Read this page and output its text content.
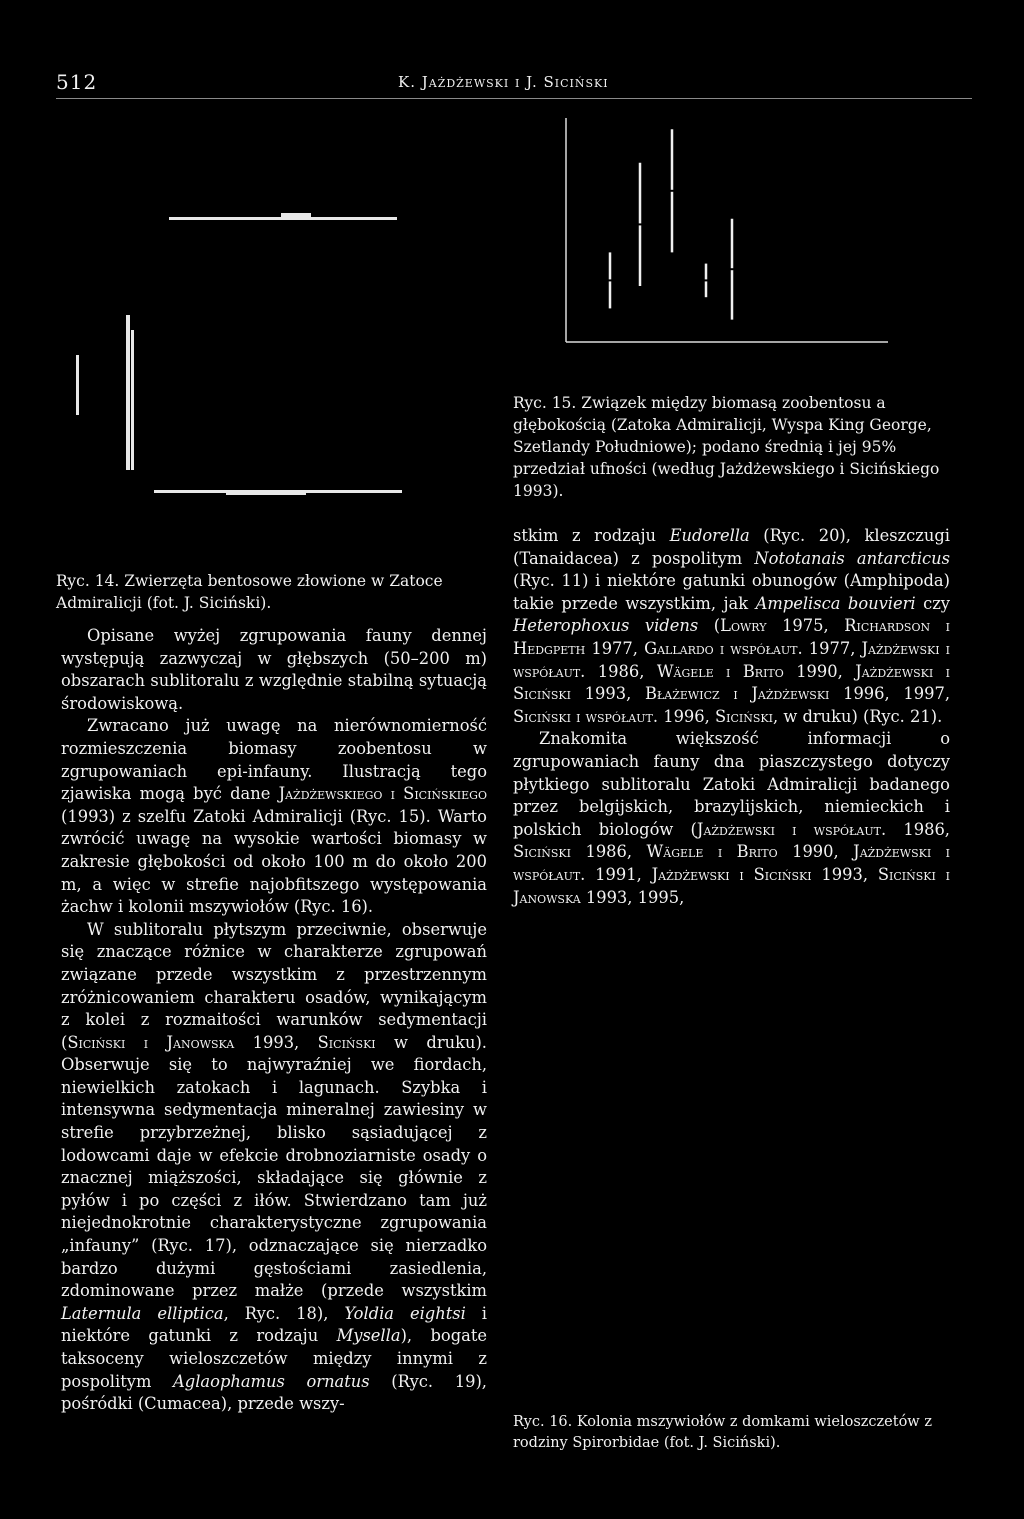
512	K. Jażdżewski i J. Siciński
Ryc. 15. Związek między biomasą zoobentosu a głębokością (Zatoka Admiralicji, Wyspa King George, Szetlandy Południowe); podano średnią i jej 95% przedział ufności (według Jażdżewskiego i Sicińskiego 1993).
Ryc. 14. Zwierzęta bentosowe złowione w Zatoce Admiralicji (fot. J. Siciński).

Opisane wyżej zgrupowania fauny dennej występują zazwyczaj w głębszych (50–200 m) obszarach sublitoralu z względnie stabilną sytuacją środowiskową.

Zwracano już uwagę na nierównomierność rozmieszczenia biomasy zoobentosu w zgrupowaniach epi-infauny. Ilustracją tego zjawiska mogą być dane Jażdżewskiego i Sicińskiego (1993) z szelfu Zatoki Admiralicji (Ryc. 15). Warto zwrócić uwagę na wysokie wartości biomasy w zakresie głębokości od około 100 m do około 200 m, a więc w strefie najobfitszego występowania żachw i kolonii mszywiołów (Ryc. 16).

W sublitoralu płytszym przeciwnie, obserwuje się znaczące różnice w charakterze zgrupowań związane przede wszystkim z przestrzennym zróżnicowaniem charakteru osadów, wynikającym z kolei z rozmaitości warunków sedymentacji (Siciński i Janowska 1993, Siciński w druku). Obserwuje się to najwyraźniej we fiordach, niewielkich zatokach i lagunach. Szybka i intensywna sedymentacja mineralnej zawiesiny w strefie przybrzeżnej, blisko sąsiadującej z lodowcami daje w efekcie drobnoziarniste osady o znacznej miąższości, składające się głównie z pyłów i po części z iłów. Stwierdzano tam już niejednokrotnie charakterystyczne zgrupowania „infauny” (Ryc. 17), odznaczające się nierzadko bardzo dużymi gęstościami zasiedlenia, zdominowane przez małże (przede wszystkim Laternula elliptica, Ryc. 18), Yoldia eightsi i niektóre gatunki z rodzaju Mysella), bogate taksoceny wieloszczetów między innymi z pospolitym Aglaophamus ornatus (Ryc. 19), pośródki (Cumacea), przede wszy-

stkim z rodzaju Eudorella (Ryc. 20), kleszczugi (Tanaidacea) z pospolitym Nototanais antarcticus (Ryc. 11) i niektóre gatunki obunogów (Amphipoda) takie przede wszystkim, jak Ampelisca bouvieri czy Heterophoxus videns (Lowry 1975, Richardson i Hedgpeth 1977, Gallardo i współaut. 1977, Jażdżewski i współaut. 1986, Wägele i Brito 1990, Jażdżewski i Siciński 1993, Błażewicz i Jażdżewski 1996, 1997, Siciński i współaut. 1996, Siciński, w druku) (Ryc. 21).

Znakomita większość informacji o zgrupowaniach fauny dna piaszczystego dotyczy płytkiego sublitoralu Zatoki Admiralicji badanego przez belgijskich, brazylijskich, niemieckich i polskich biologów (Jażdżewski i współaut. 1986, Siciński 1986, Wägele i Brito 1990, Jażdżewski i współaut. 1991, Jażdżewski i Siciński 1993, Siciński i Janowska 1993, 1995,

Ryc. 16. Kolonia mszywiołów z domkami wieloszczetów z rodziny Spirorbidae (fot. J. Siciński).
